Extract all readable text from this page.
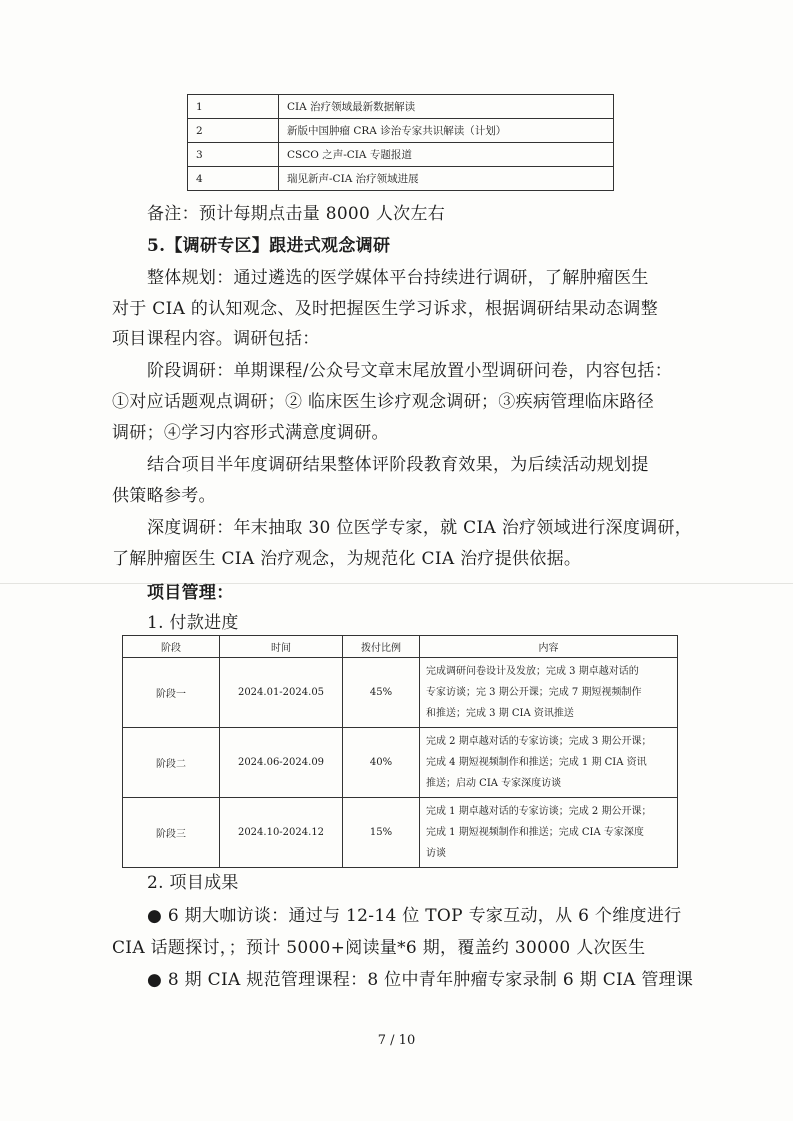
1	CIA 治疗领域最新数据解读
2	新版中国肿瘤 CRA 诊治专家共识解读（计划）
3	CSCO 之声-CIA 专题报道
4	瑞见新声-CIA 治疗领域进展
备注：预计每期点击量 8000 人次左右
5.【调研专区】跟进式观念调研
整体规划：通过遴选的医学媒体平台持续进行调研，了解肿瘤医生
对于 CIA 的认知观念、及时把握医生学习诉求，根据调研结果动态调整
项目课程内容。调研包括：
阶段调研：单期课程/公众号文章末尾放置小型调研问卷，内容包括：
①对应话题观点调研；② 临床医生诊疗观念调研；③疾病管理临床路径
调研；④学习内容形式满意度调研。
结合项目半年度调研结果整体评阶段教育效果，为后续活动规划提
供策略参考。
深度调研：年末抽取 30 位医学专家，就 CIA 治疗领域进行深度调研，
了解肿瘤医生 CIA 治疗观念，为规范化 CIA 治疗提供依据。
项目管理：
1. 付款进度
阶段	时间	拨付比例	内容
阶段一	2024.01-2024.05	45%	完成调研问卷设计及发放；完成 3 期卓越对话的
专家访谈；完 3 期公开课；完成 7 期短视频制作
和推送；完成 3 期 CIA 资讯推送

阶段二	2024.06-2024.09	40%	完成 2 期卓越对话的专家访谈；完成 3 期公开课；
完成 4 期短视频制作和推送；完成 1 期 CIA 资讯
推送；启动 CIA 专家深度访谈

阶段三	2024.10-2024.12	15%	完成 1 期卓越对话的专家访谈；完成 2 期公开课；
完成 1 期短视频制作和推送；完成 CIA 专家深度
访谈
2. 项目成果
● 6 期大咖访谈：通过与 12-14 位 TOP 专家互动，从 6 个维度进行
CIA 话题探讨，；预计 5000+阅读量*6 期，覆盖约 30000 人次医生
● 8 期 CIA 规范管理课程：8 位中青年肿瘤专家录制 6 期 CIA 管理课
7 / 10
